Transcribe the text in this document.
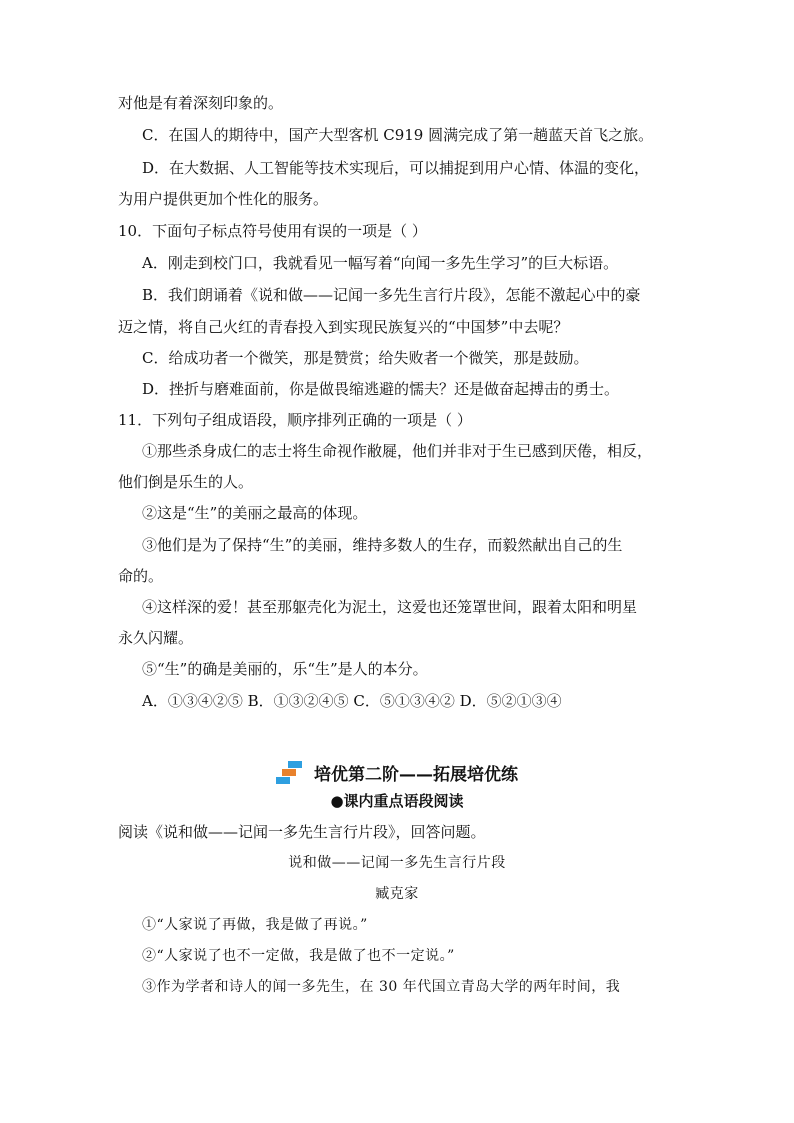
对他是有着深刻印象的。
C．在国人的期待中，国产大型客机 C919 圆满完成了第一趟蓝天首飞之旅。
D．在大数据、人工智能等技术实现后，可以捕捉到用户心情、体温的变化，
为用户提供更加个性化的服务。
10．下面句子标点符号使用有误的一项是（ ）
A．刚走到校门口，我就看见一幅写着“向闻一多先生学习”的巨大标语。
B．我们朗诵着《说和做——记闻一多先生言行片段》，怎能不激起心中的豪
迈之情，将自己火红的青春投入到实现民族复兴的“中国梦”中去呢？
C．给成功者一个微笑，那是赞赏；给失败者一个微笑，那是鼓励。
D．挫折与磨难面前，你是做畏缩逃避的懦夫？还是做奋起搏击的勇士。
11．下列句子组成语段，顺序排列正确的一项是（ ）
①那些杀身成仁的志士将生命视作敝屣，他们并非对于生已感到厌倦，相反，
他们倒是乐生的人。
②这是“生”的美丽之最高的体现。
③他们是为了保持“生”的美丽，维持多数人的生存，而毅然献出自己的生
命的。
④这样深的爱！甚至那躯壳化为泥土，这爱也还笼罩世间，跟着太阳和明星
永久闪耀。
⑤“生”的确是美丽的，乐“生”是人的本分。
A．①③④②⑤ B．①③②④⑤ C．⑤①③④② D．⑤②①③④
培优第二阶——拓展培优练
●课内重点语段阅读
阅读《说和做——记闻一多先生言行片段》，回答问题。
说和做——记闻一多先生言行片段
臧克家
①“人家说了再做，我是做了再说。”
②“人家说了也不一定做，我是做了也不一定说。”
③作为学者和诗人的闻一多先生，在 30 年代国立青岛大学的两年时间，我
